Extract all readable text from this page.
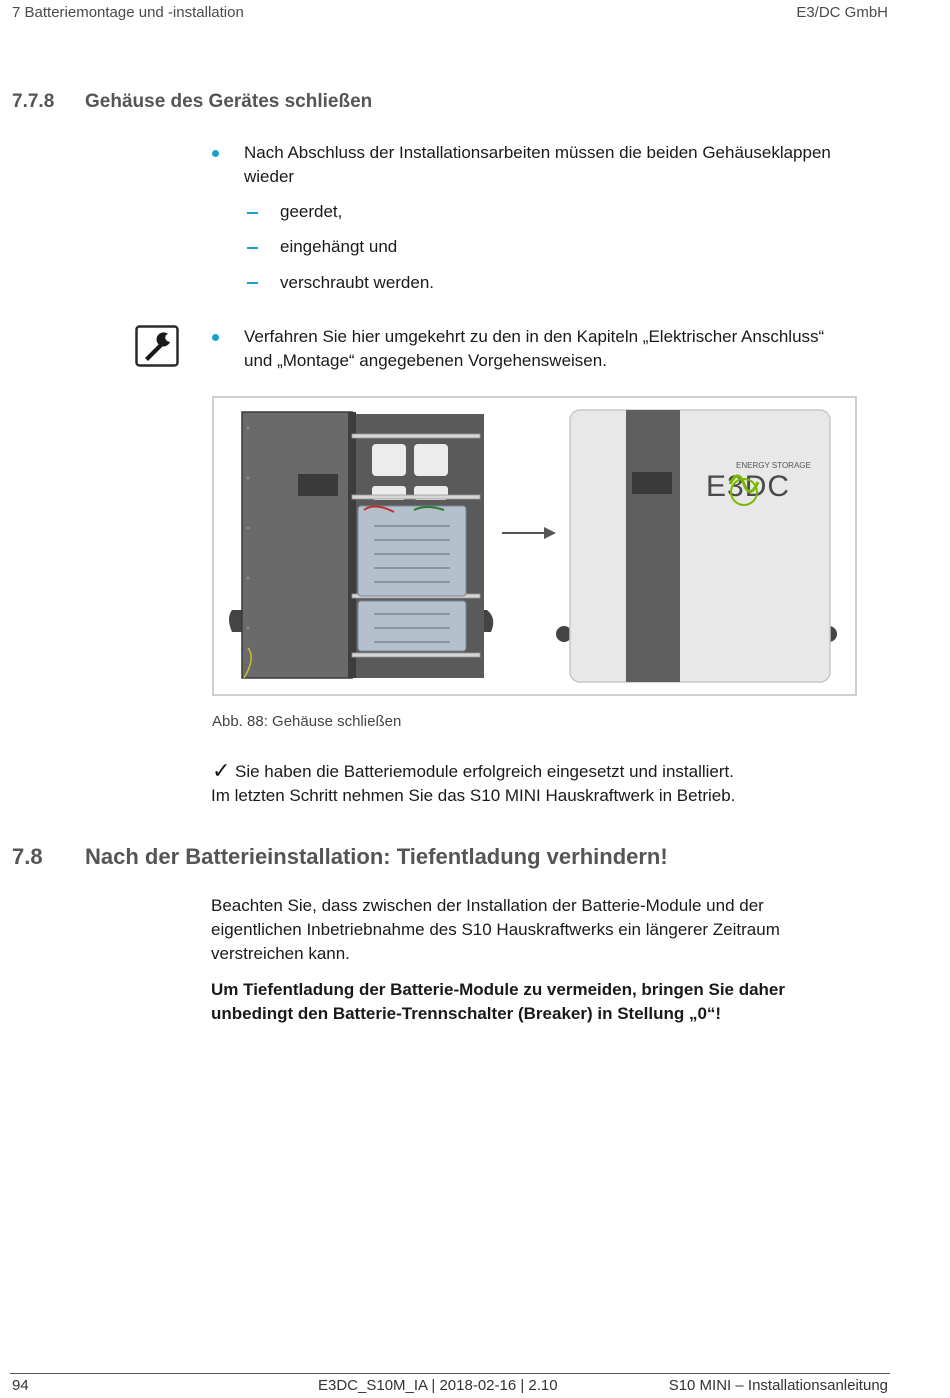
7 Batteriemontage und -installation	E3/DC GmbH
7.7.8 Gehäuse des Gerätes schließen
Nach Abschluss der Installationsarbeiten müssen die beiden Gehäuseklappen
wieder
geerdet,
eingehängt und
verschraubt werden.
Verfahren Sie hier umgekehrt zu den in den Kapiteln „Elektrischer Anschluss“
und „Montage“ angegebenen Vorgehensweisen.
ENERGY STORAGE
E3DC
Abb. 88: Gehäuse schließen
✓ Sie haben die Batteriemodule erfolgreich eingesetzt und installiert.
Im letzten Schritt nehmen Sie das S10 MINI Hauskraftwerk in Betrieb.
7.8 Nach der Batterieinstallation: Tiefentladung verhindern!
Beachten Sie, dass zwischen der Installation der Batterie-Module und der
eigentlichen Inbetriebnahme des S10 Hauskraftwerks ein längerer Zeitraum
verstreichen kann.
Um Tiefentladung der Batterie-Module zu vermeiden, bringen Sie daher
unbedingt den Batterie-Trennschalter (Breaker) in Stellung „0“!
94	E3DC_S10M_IA | 2018-02-16 | 2.10	S10 MINI – Installationsanleitung
